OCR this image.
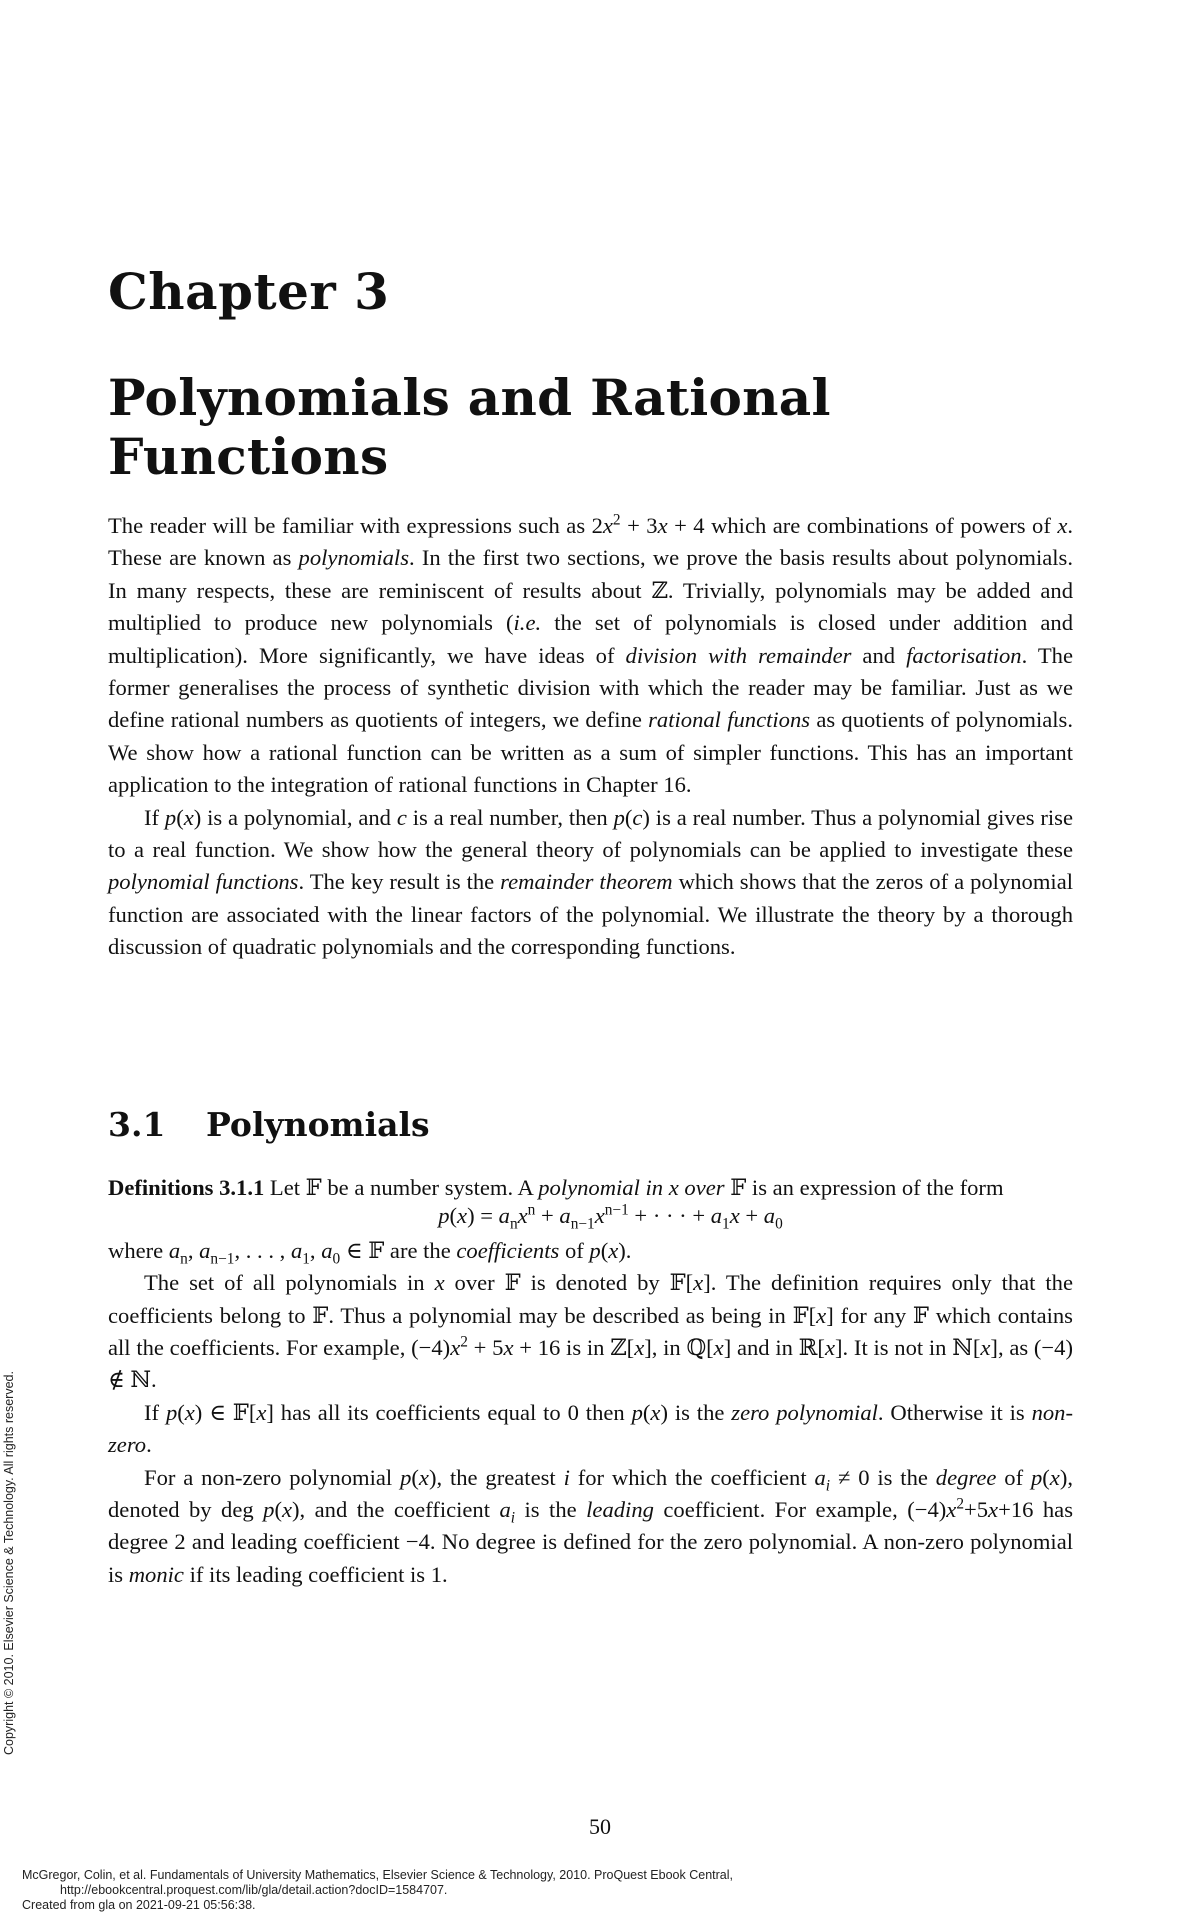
Chapter 3
Polynomials and Rational Functions

The reader will be familiar with expressions such as $2x^2 + 3x + 4$ which are combinations of powers of x. These are known as polynomials. In the first two sections, we prove the basis results about polynomials. In many respects, these are reminiscent of results about ℤ. Trivially, polynomials may be added and multiplied to produce new polynomials (i.e. the set of polynomials is closed under addition and multiplication). More significantly, we have ideas of division with remainder and factorisation. The former generalises the process of synthetic division with which the reader may be familiar. Just as we define rational numbers as quotients of integers, we define rational functions as quotients of polynomials. We show how a rational function can be written as a sum of simpler functions. This has an important application to the integration of rational functions in Chapter 16.

If p(x) is a polynomial, and c is a real number, then p(c) is a real number. Thus a polynomial gives rise to a real function. We show how the general theory of polynomials can be applied to investigate these polynomial functions. The key result is the remainder theorem which shows that the zeros of a polynomial function are associated with the linear factors of the polynomial. We illustrate the theory by a thorough discussion of quadratic polynomials and the corresponding functions.

3.1 Polynomials

Definitions 3.1.1 Let 𝔽 be a number system. A polynomial in x over 𝔽 is an expression of the form

$p(x) = a_nx^n + a_{n-1}x^{n-1}$ + · · · + $a_1x + a_0$

where $a_n$, $a_{n-1}$, . . . , $a_1$, $a_0$ ∈ 𝔽 are the coefficients of p(x).

The set of all polynomials in x over 𝔽 is denoted by 𝔽[x]. The definition requires only that the coefficients belong to 𝔽. Thus a polynomial may be described as being in 𝔽[x] for any 𝔽 which contains all the coefficients. For example, $(-4)x^2 + 5x + 16$ is in ℤ[x], in ℚ[x] and in ℝ[x]. It is not in ℕ[x], as (−4) ∉ ℕ.

If p(x) ∈ 𝔽[x] has all its coefficients equal to 0 then p(x) is the zero polynomial. Otherwise it is non-zero.

For a non-zero polynomial p(x), the greatest i for which the coefficient $a_i \ne 0$ is the degree of p(x), denoted by deg p(x), and the coefficient $a_i$ is the leading coefficient. For example, $(-4)x^2+5x+16$ has degree 2 and leading coefficient −4. No degree is defined for the zero polynomial. A non-zero polynomial is monic if its leading coefficient is 1.

50
Copyright © 2010. Elsevier Science & Technology. All rights reserved.
McGregor, Colin, et al. Fundamentals of University Mathematics, Elsevier Science & Technology, 2010. ProQuest Ebook Central,
http://ebookcentral.proquest.com/lib/gla/detail.action?docID=1584707.
Created from gla on 2021-09-21 05:56:38.
